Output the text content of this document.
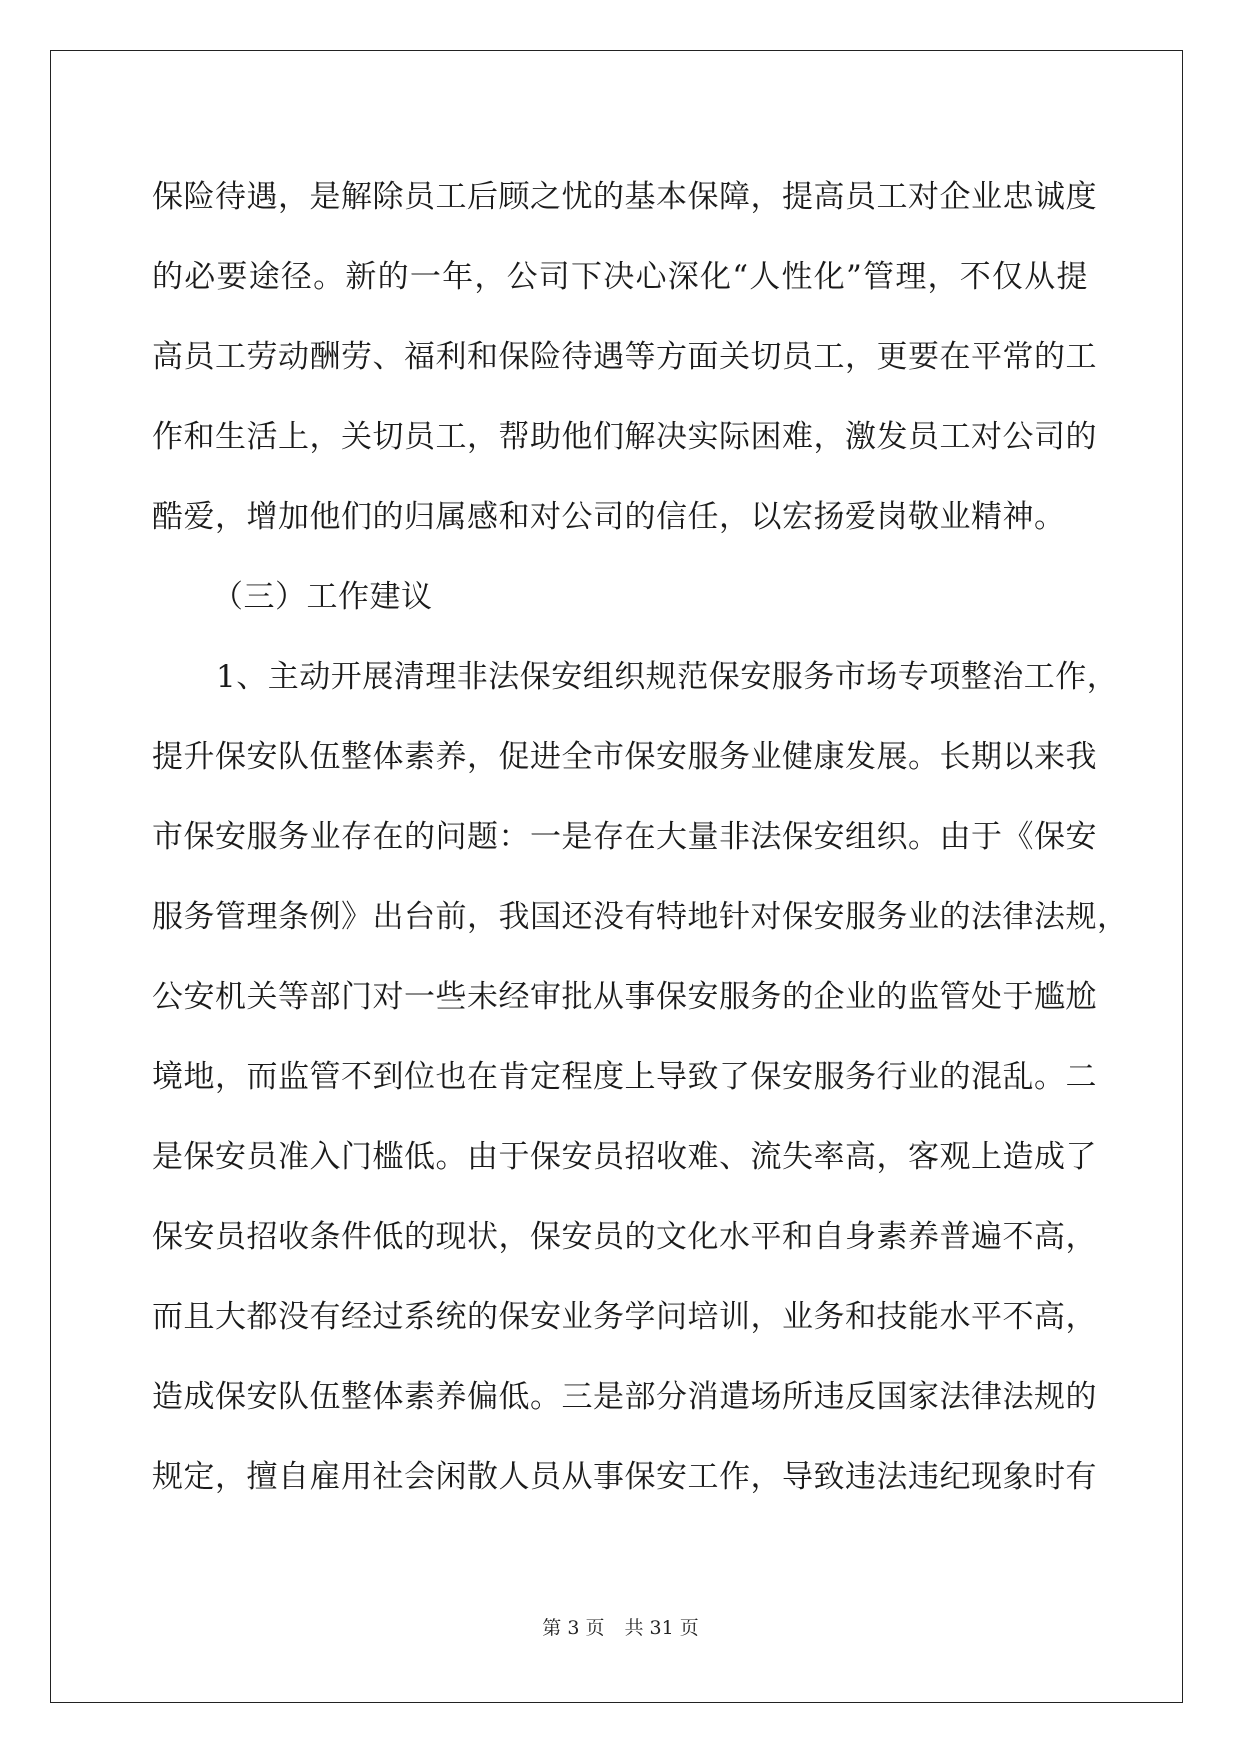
保险待遇，是解除员工后顾之忧的基本保障，提高员工对企业忠诚度
的必要途径。新的一年，公司下决心深化“人性化”管理，不仅从提
高员工劳动酬劳、福利和保险待遇等方面关切员工，更要在平常的工
作和生活上，关切员工，帮助他们解决实际困难，激发员工对公司的
酷爱，增加他们的归属感和对公司的信任，以宏扬爱岗敬业精神。
（三）工作建议
1、主动开展清理非法保安组织规范保安服务市场专项整治工作，
提升保安队伍整体素养，促进全市保安服务业健康发展。长期以来我
市保安服务业存在的问题：一是存在大量非法保安组织。由于《保安
服务管理条例》出台前，我国还没有特地针对保安服务业的法律法规，
公安机关等部门对一些未经审批从事保安服务的企业的监管处于尴尬
境地，而监管不到位也在肯定程度上导致了保安服务行业的混乱。二
是保安员准入门槛低。由于保安员招收难、流失率高，客观上造成了
保安员招收条件低的现状，保安员的文化水平和自身素养普遍不高，
而且大都没有经过系统的保安业务学问培训，业务和技能水平不高，
造成保安队伍整体素养偏低。三是部分消遣场所违反国家法律法规的
规定，擅自雇用社会闲散人员从事保安工作，导致违法违纪现象时有
第 3 页 共 31 页
